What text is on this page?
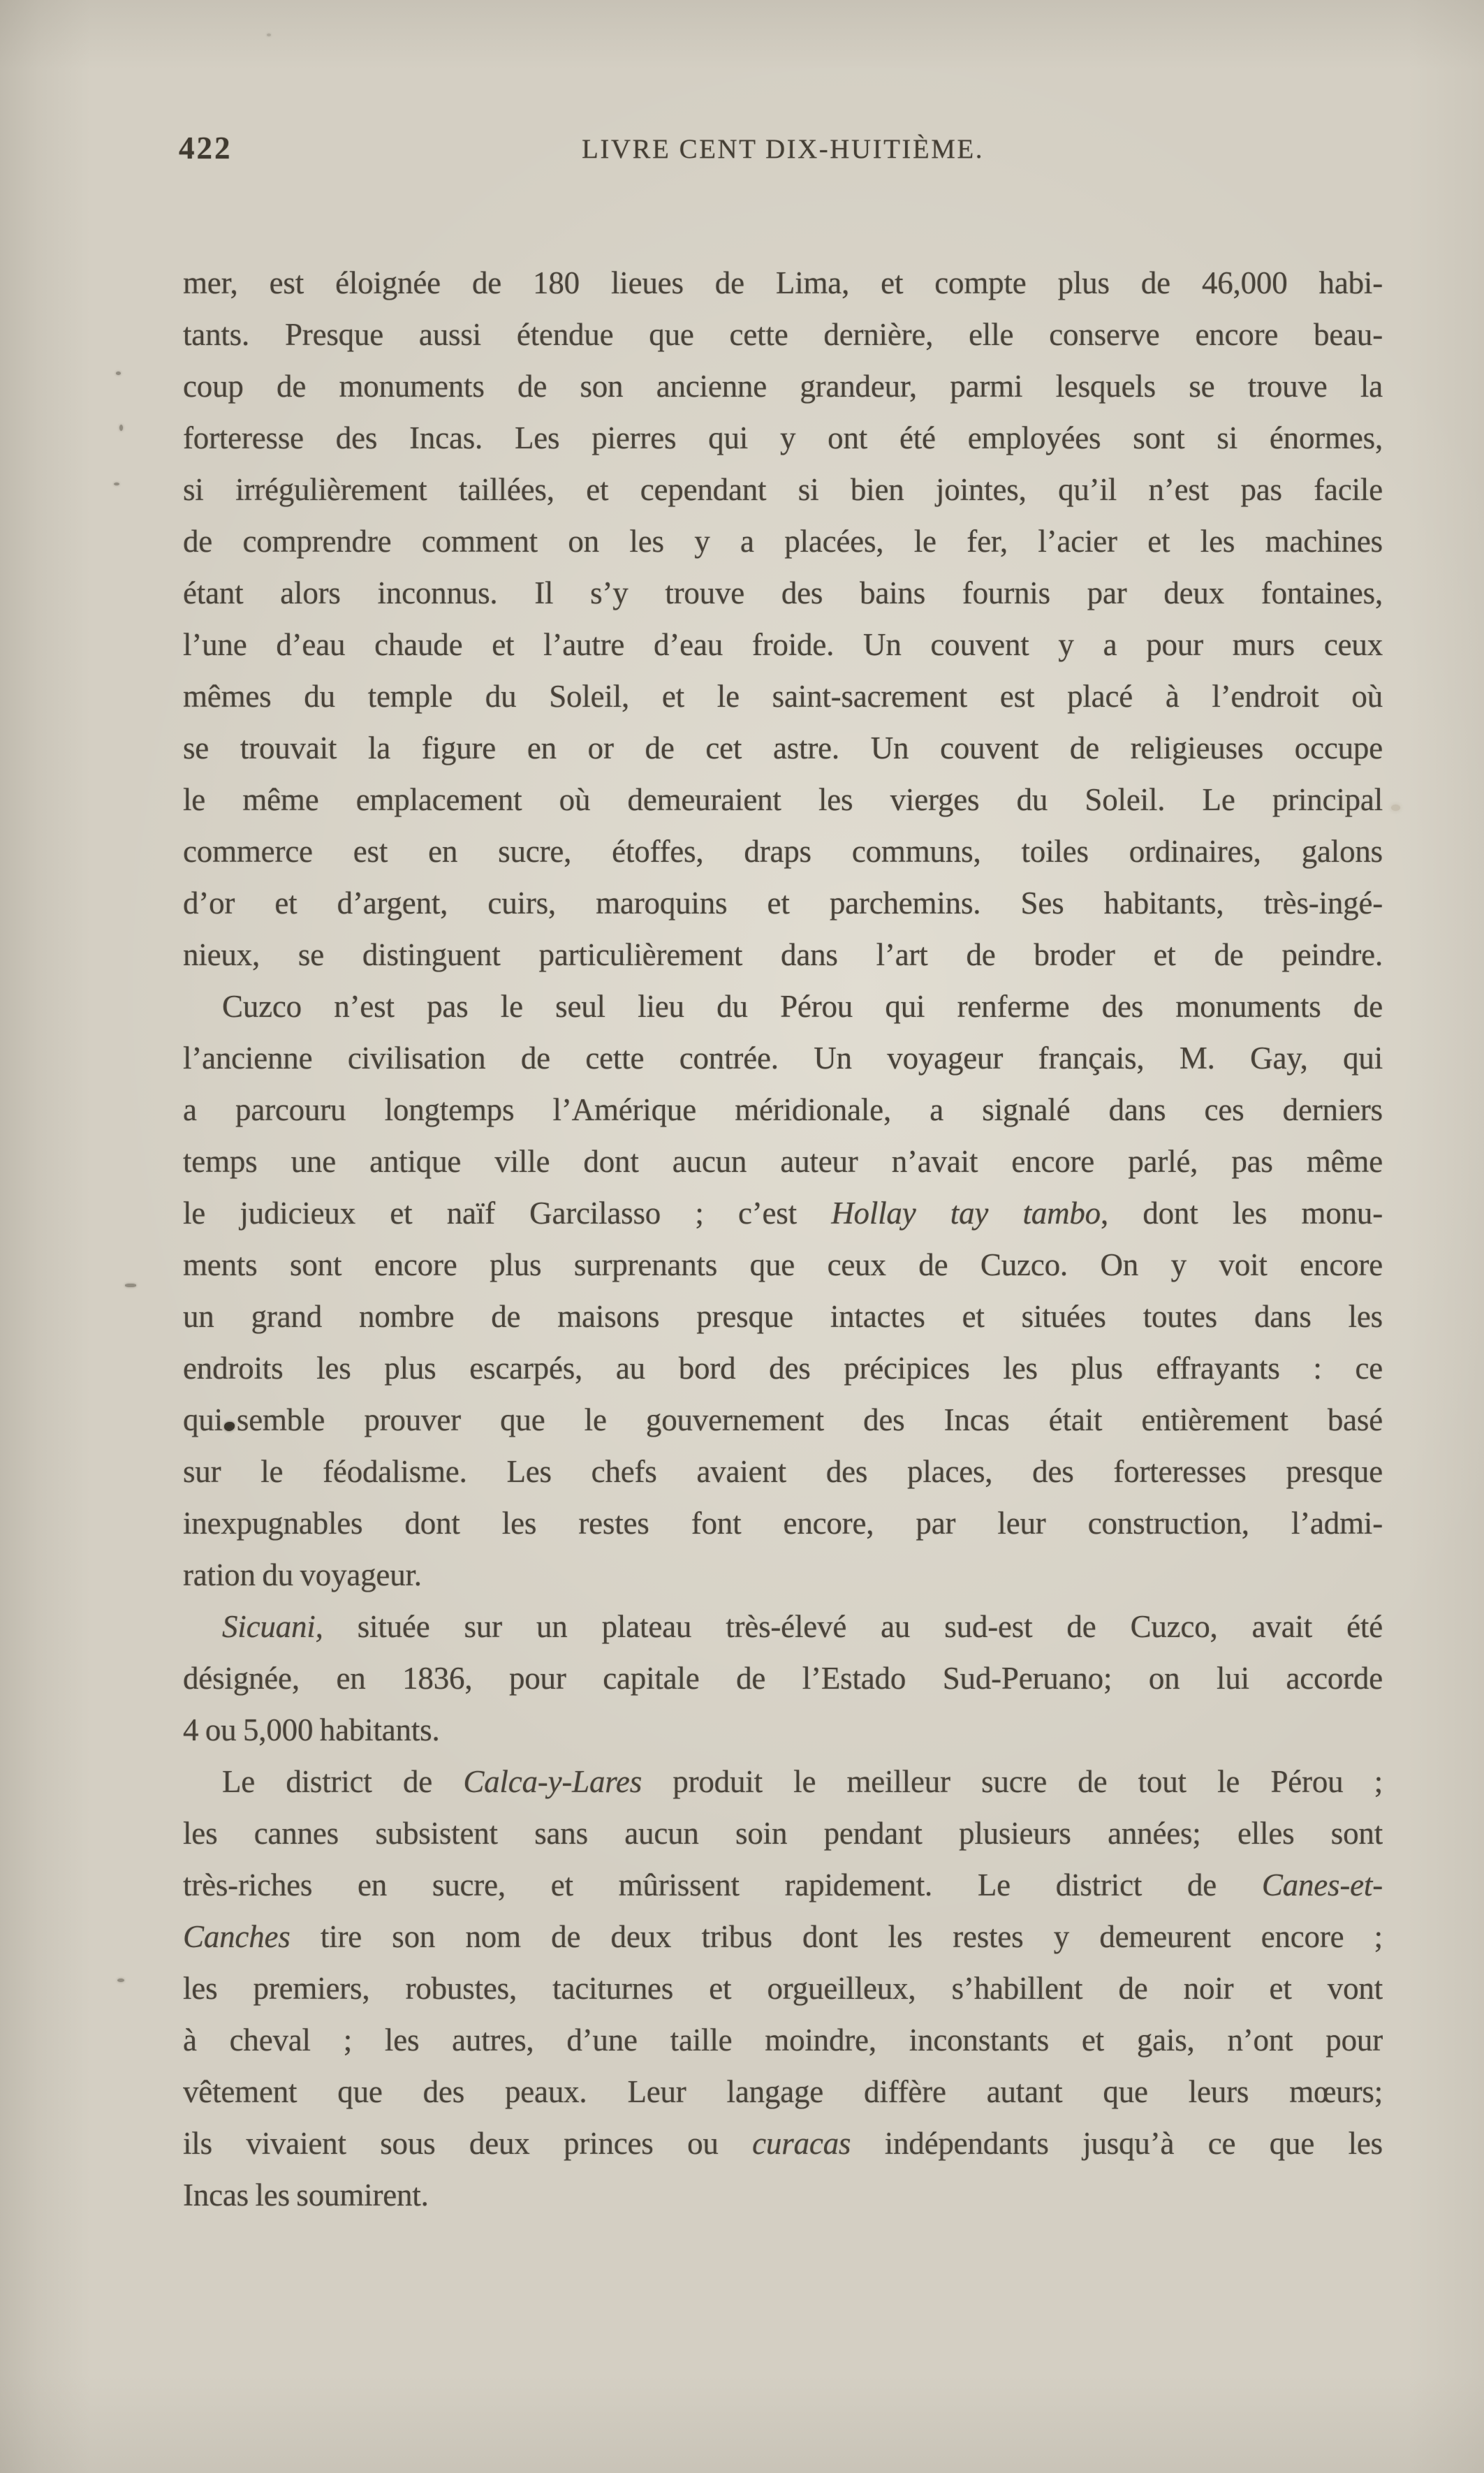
422	LIVRE CENT DIX-HUITIÈME.
mer, est éloignée de 180 lieues de Lima, et compte plus de 46,000 habi-
tants. Presque aussi étendue que cette dernière, elle conserve encore beau-
coup de monuments de son ancienne grandeur, parmi lesquels se trouve la
forteresse des Incas. Les pierres qui y ont été employées sont si énormes,
si irrégulièrement taillées, et cependant si bien jointes, qu’il n’est pas facile
de comprendre comment on les y a placées, le fer, l’acier et les machines
étant alors inconnus. Il s’y trouve des bains fournis par deux fontaines,
l’une d’eau chaude et l’autre d’eau froide. Un couvent y a pour murs ceux
mêmes du temple du Soleil, et le saint-sacrement est placé à l’endroit où
se trouvait la figure en or de cet astre. Un couvent de religieuses occupe
le même emplacement où demeuraient les vierges du Soleil. Le principal
commerce est en sucre, étoffes, draps communs, toiles ordinaires, galons
d’or et d’argent, cuirs, maroquins et parchemins. Ses habitants, très-ingé-
nieux, se distinguent particulièrement dans l’art de broder et de peindre.
Cuzco n’est pas le seul lieu du Pérou qui renferme des monuments de
l’ancienne civilisation de cette contrée. Un voyageur français, M. Gay, qui
a parcouru longtemps l’Amérique méridionale, a signalé dans ces derniers
temps une antique ville dont aucun auteur n’avait encore parlé, pas même
le judicieux et naïf Garcilasso ; c’est Hollay tay tambo, dont les monu-
ments sont encore plus surprenants que ceux de Cuzco. On y voit encore
un grand nombre de maisons presque intactes et situées toutes dans les
endroits les plus escarpés, au bord des précipices les plus effrayants : ce
qui semble prouver que le gouvernement des Incas était entièrement basé
sur le féodalisme. Les chefs avaient des places, des forteresses presque
inexpugnables dont les restes font encore, par leur construction, l’admi-
ration du voyageur.
Sicuani, située sur un plateau très-élevé au sud-est de Cuzco, avait été
désignée, en 1836, pour capitale de l’Estado Sud-Peruano; on lui accorde
4 ou 5,000 habitants.
Le district de Calca-y-Lares produit le meilleur sucre de tout le Pérou ;
les cannes subsistent sans aucun soin pendant plusieurs années; elles sont
très-riches en sucre, et mûrissent rapidement. Le district de Canes-et-
Canches tire son nom de deux tribus dont les restes y demeurent encore ;
les premiers, robustes, taciturnes et orgueilleux, s’habillent de noir et vont
à cheval ; les autres, d’une taille moindre, inconstants et gais, n’ont pour
vêtement que des peaux. Leur langage diffère autant que leurs mœurs;
ils vivaient sous deux princes ou curacas indépendants jusqu’à ce que les
Incas les soumirent.
